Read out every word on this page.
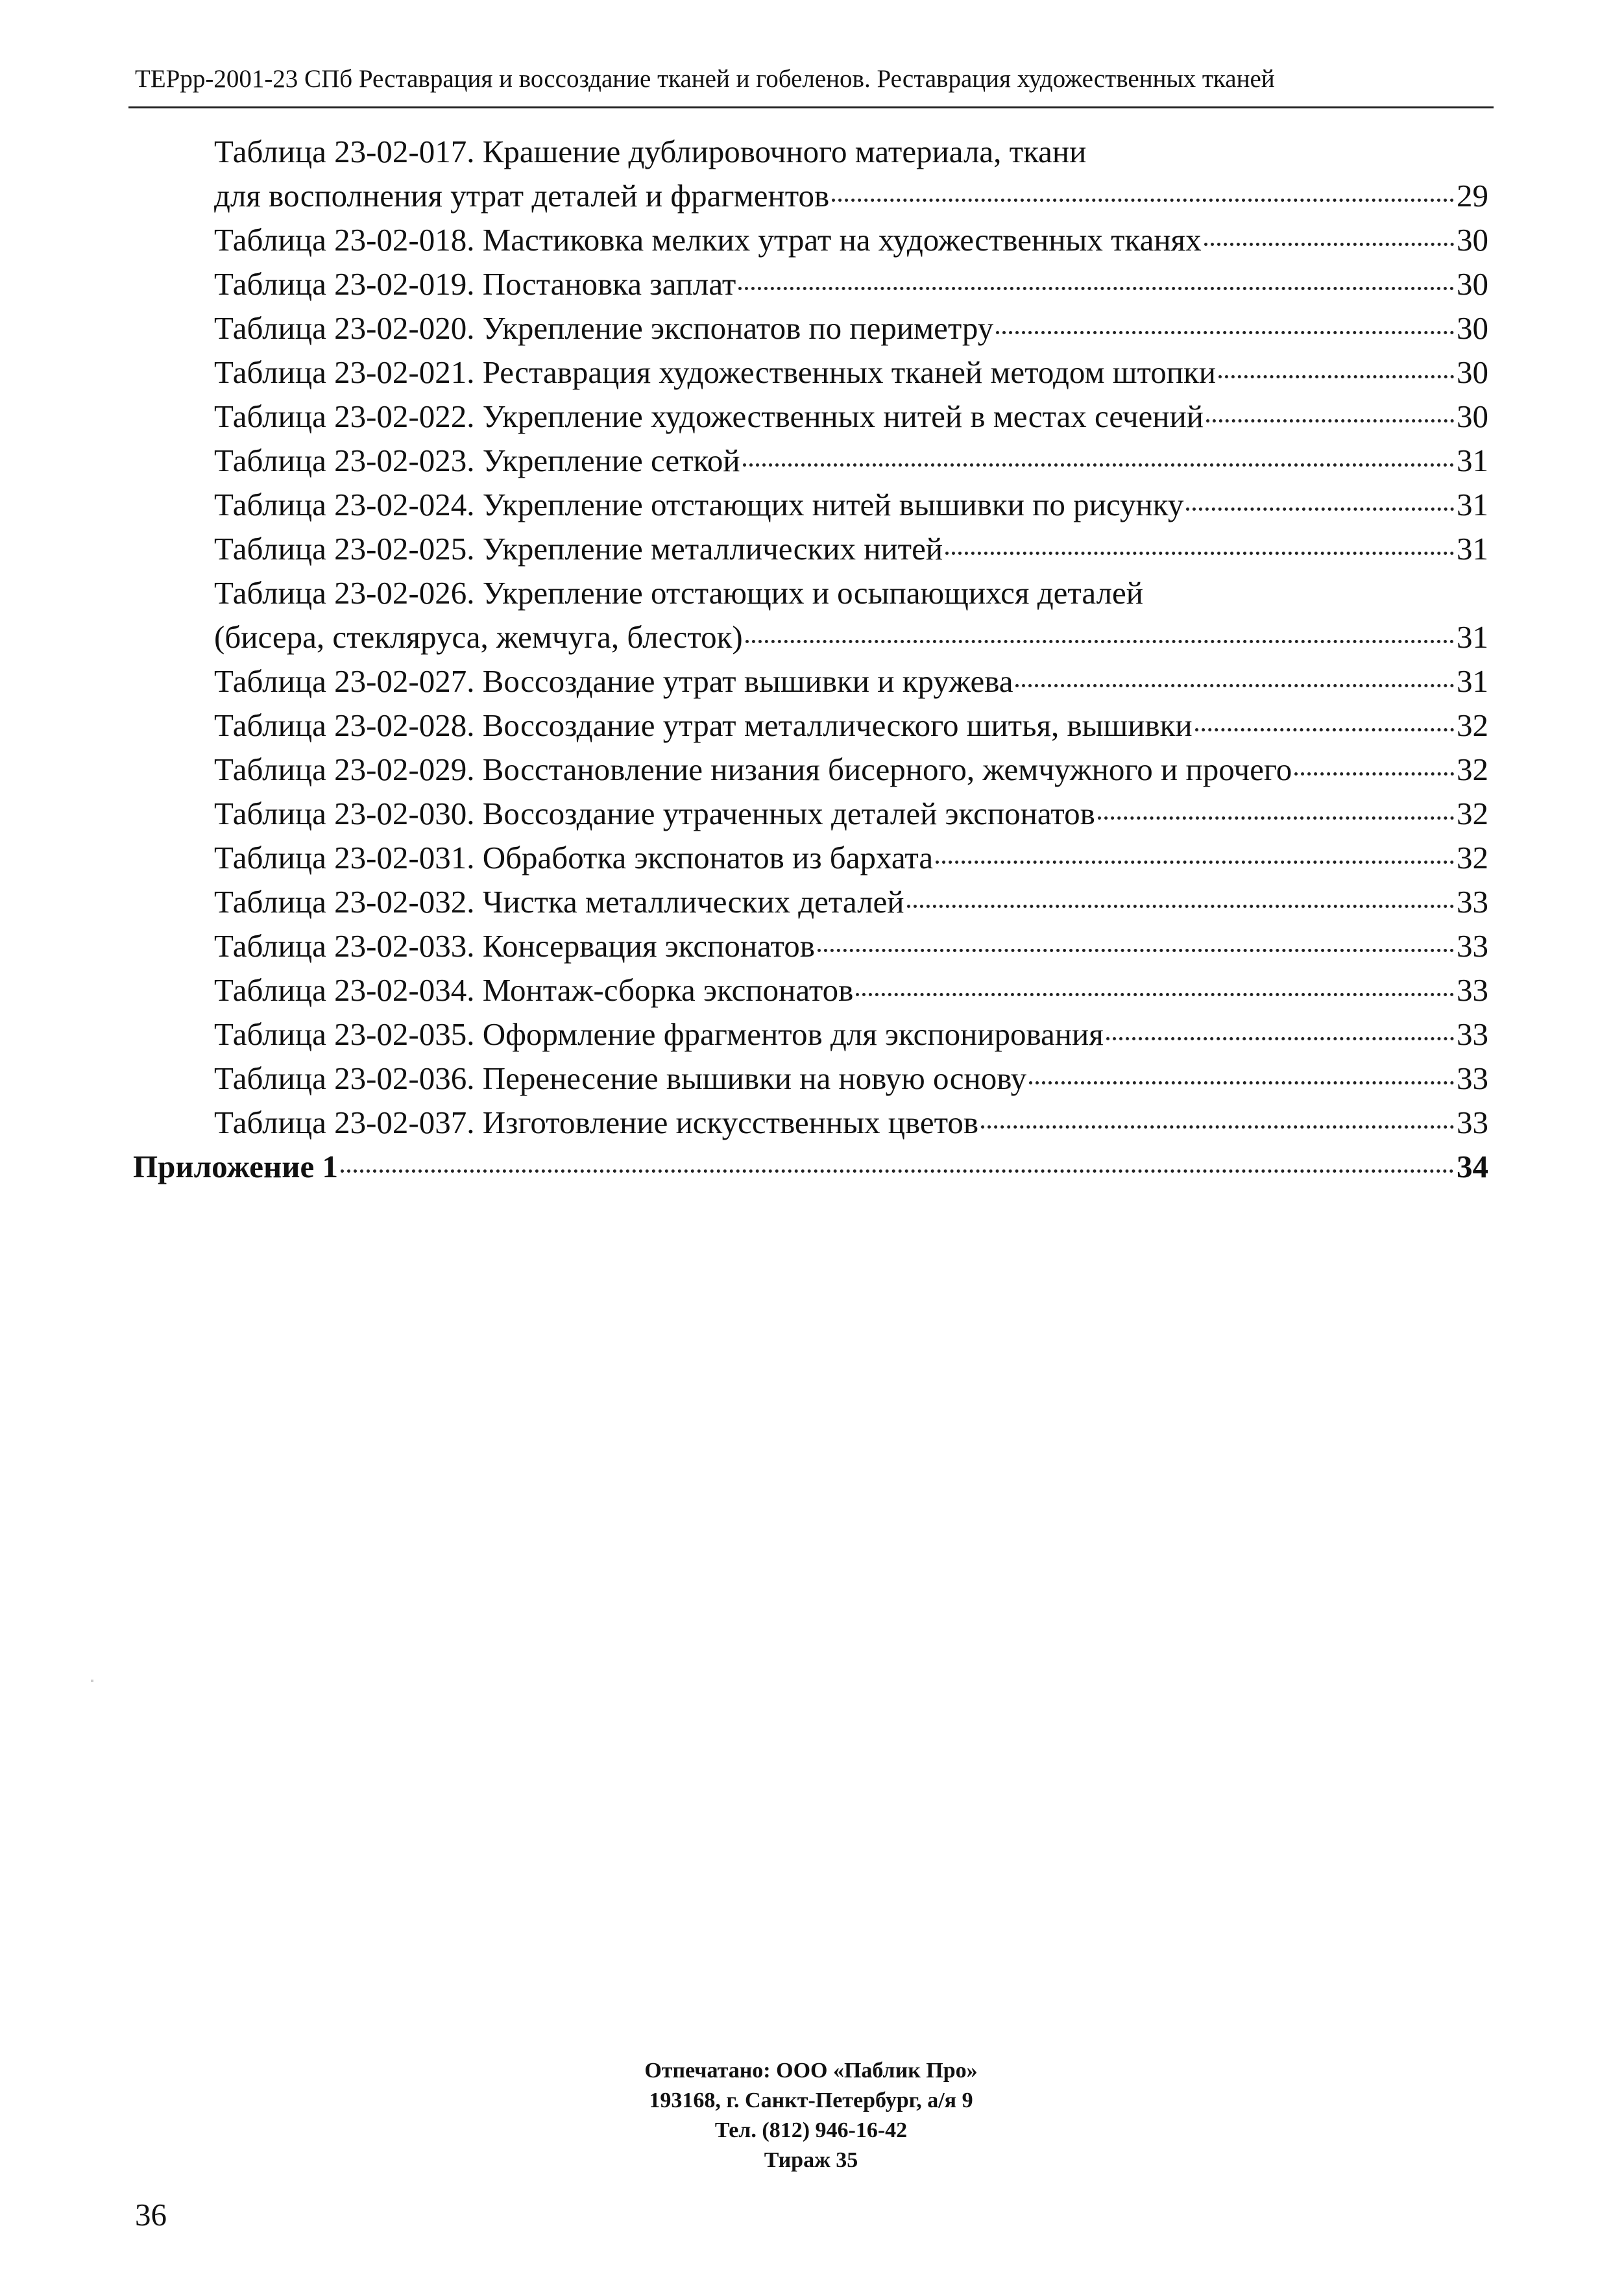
ТЕРрр-2001-23 СПб Реставрация и воссоздание тканей и гобеленов. Реставрация художественных тканей
Таблица 23-02-017. Крашение дублировочного материала, ткани
для восполнения утрат деталей и фрагментов	29
Таблица 23-02-018. Мастиковка мелких утрат на художественных тканях	30
Таблица 23-02-019. Постановка заплат	30
Таблица 23-02-020. Укрепление экспонатов по периметру	30
Таблица 23-02-021. Реставрация художественных тканей методом штопки	30
Таблица 23-02-022. Укрепление художественных нитей в местах сечений	30
Таблица 23-02-023. Укрепление сеткой	31
Таблица 23-02-024. Укрепление отстающих нитей вышивки по рисунку	31
Таблица 23-02-025. Укрепление металлических нитей	31
Таблица 23-02-026. Укрепление отстающих и осыпающихся деталей
(бисера, стекляруса, жемчуга, блесток)	31
Таблица 23-02-027. Воссоздание утрат вышивки и кружева	31
Таблица 23-02-028. Воссоздание утрат металлического шитья, вышивки	32
Таблица 23-02-029. Восстановление низания бисерного, жемчужного и прочего	32
Таблица 23-02-030. Воссоздание утраченных деталей экспонатов	32
Таблица 23-02-031. Обработка экспонатов из бархата	32
Таблица 23-02-032. Чистка металлических деталей	33
Таблица 23-02-033. Консервация экспонатов	33
Таблица 23-02-034. Монтаж-сборка экспонатов	33
Таблица 23-02-035. Оформление фрагментов для экспонирования	33
Таблица 23-02-036. Перенесение вышивки на новую основу	33
Таблица 23-02-037. Изготовление искусственных цветов	33
Приложение 1	34
Отпечатано: ООО «Паблик Про»
193168, г. Санкт-Петербург, а/я 9
Тел. (812) 946-16-42
Тираж 35
36
